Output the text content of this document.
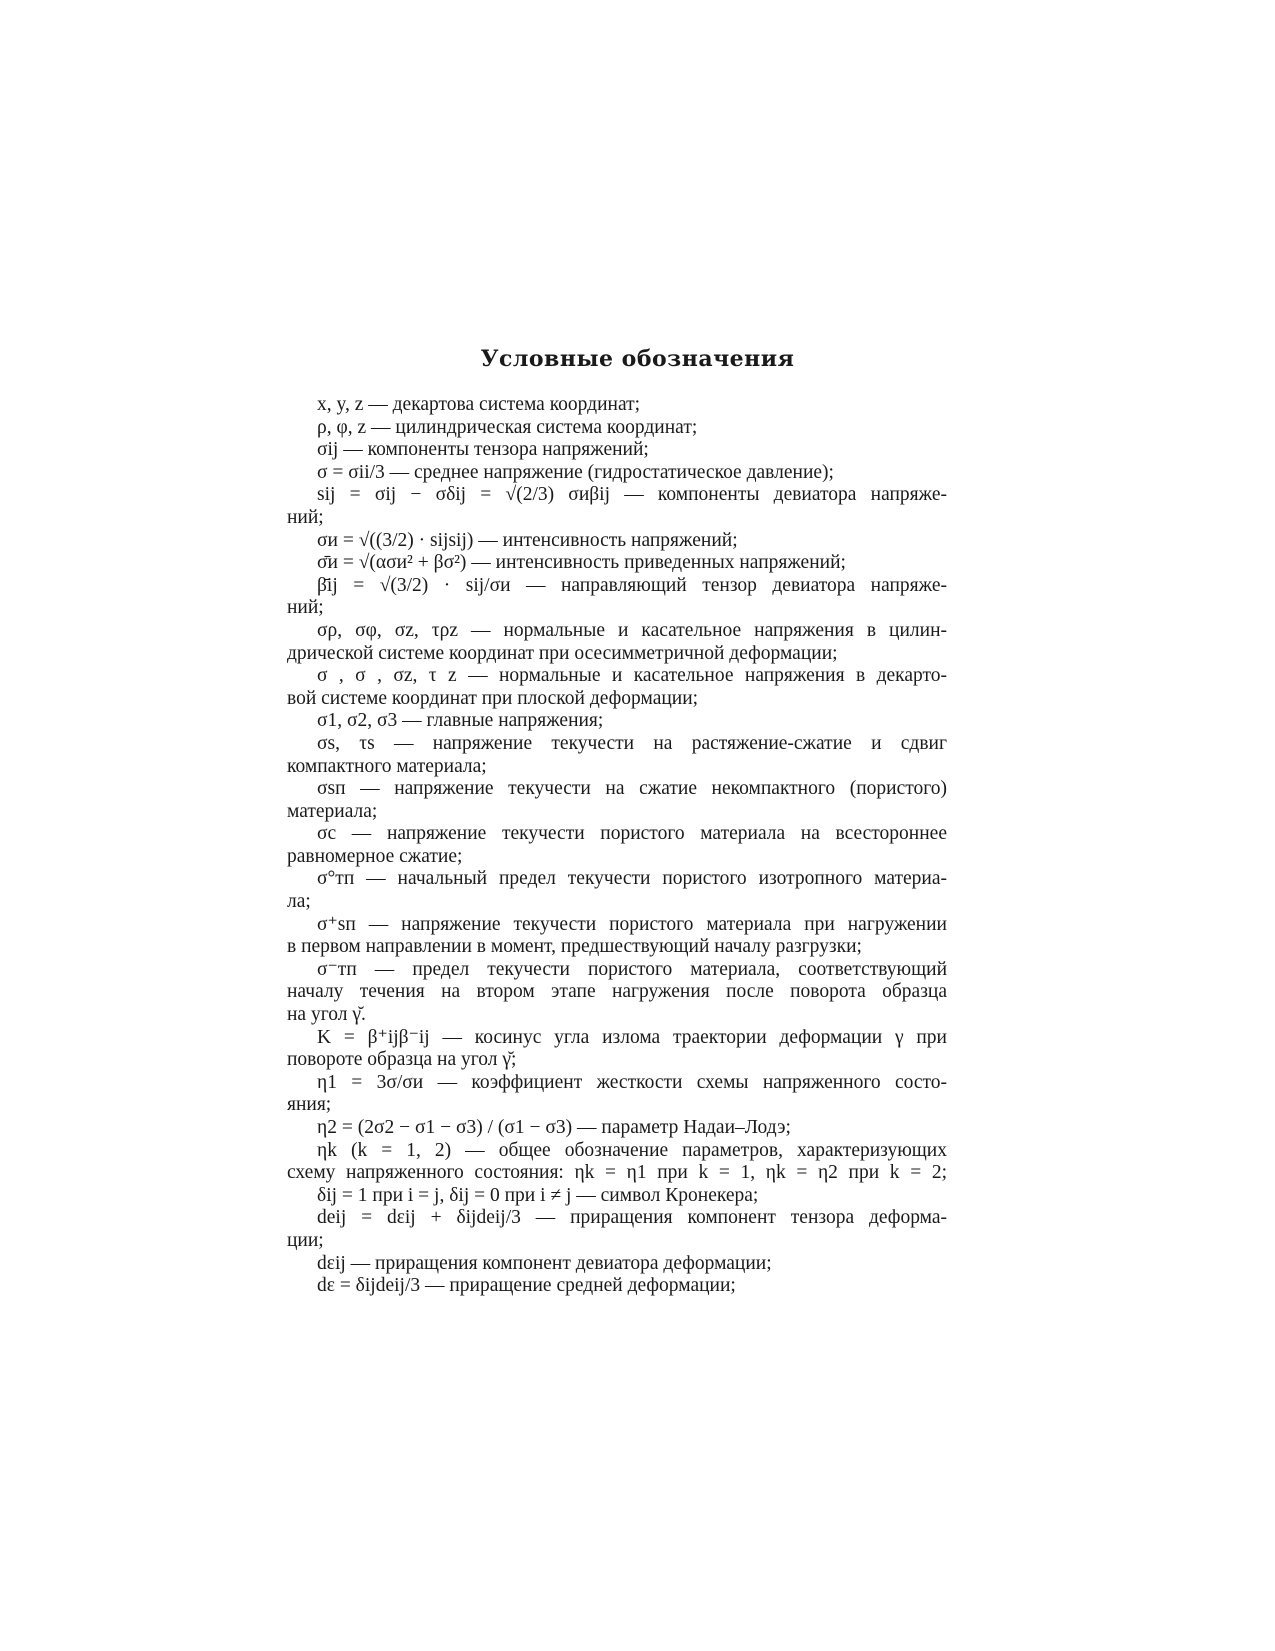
Условные обозначения
x, y, z — декартова система координат;
ρ, φ, z — цилиндрическая система координат;
σij — компоненты тензора напряжений;
σ = σii/3 — среднее напряжение (гидростатическое давление);
sij = σij − σδij = √(2/3) σиβij — компоненты девиатора напряже-
ний;
σи = √((3/2) · sijsij) — интенсивность напряжений;
σ̄и = √(ασи² + βσ²) — интенсивность приведенных напряжений;
β̄ij = √(3/2) · sij/σи — направляющий тензор девиатора напряже-
ний;
σρ, σφ, σz, τρz — нормальные и касательное напряжения в цилин-
дрической системе координат при осесимметричной деформации;
σ , σ , σz, τ z — нормальные и касательное напряжения в декарто-
вой системе координат при плоской деформации;
σ1, σ2, σ3 — главные напряжения;
σs, τs — напряжение текучести на растяжение-сжатие и сдвиг
компактного материала;
σsп — напряжение текучести на сжатие некомпактного (пористого)
материала;
σc — напряжение текучести пористого материала на всестороннее
равномерное сжатие;
σ°тп — начальный предел текучести пористого изотропного материа-
ла;
σ⁺sп — напряжение текучести пористого материала при нагружении
в первом направлении в момент, предшествующий началу разгрузки;
σ⁻тп — предел текучести пористого материала, соответствующий
началу течения на втором этапе нагружения после поворота образца
на угол γ̆.
K = β⁺ijβ⁻ij — косинус угла излома траектории деформации γ при
повороте образца на угол γ̆;
η1 = 3σ/σи — коэффициент жесткости схемы напряженного состо-
яния;
η2 = (2σ2 − σ1 − σ3) / (σ1 − σ3) — параметр Надаи–Лодэ;
ηk (k = 1, 2) — общее обозначение параметров, характеризующих
схему напряженного состояния: ηk = η1 при k = 1, ηk = η2 при k = 2;
δij = 1 при i = j, δij = 0 при i ≠ j — символ Кронекера;
deij = dεij + δijdeij/3 — приращения компонент тензора деформа-
ции;
dεij — приращения компонент девиатора деформации;
dε = δijdeij/3 — приращение средней деформации;
